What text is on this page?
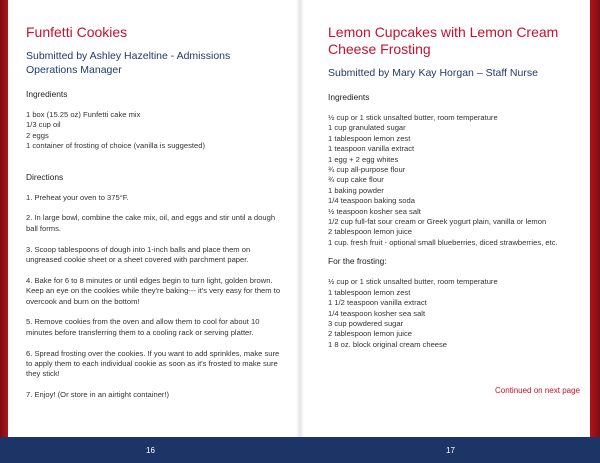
Funfetti Cookies
Submitted by Ashley Hazeltine - Admissions Operations Manager
Ingredients
1 box (15.25 oz) Funfetti cake mix
1/3 cup oil
2 eggs
1 container of frosting of choice (vanilla is suggested)
Directions
1. Preheat your oven to 375°F.
2. In large bowl, combine the cake mix, oil, and eggs and stir until a dough ball forms.
3. Scoop tablespoons of dough into 1-inch balls and place them on ungreased cookie sheet or a sheet covered with parchment paper.
4. Bake for 6 to 8 minutes or until edges begin to turn light, golden brown. Keep an eye on the cookies while they're baking--- it's very easy for them to overcook and burn on the bottom!
5. Remove cookies from the oven and allow them to cool for about 10 minutes before transferring them to a cooling rack or serving platter.
6. Spread frosting over the cookies. If you want to add sprinkles, make sure to apply them to each individual cookie as soon as it's frosted to make sure they stick!
7. Enjoy! (Or store in an airtight container!)
Lemon Cupcakes with Lemon Cream Cheese Frosting
Submitted by Mary Kay Horgan – Staff Nurse
Ingredients
½ cup or 1 stick unsalted butter, room temperature
1 cup granulated sugar
1 tablespoon lemon zest
1 teaspoon vanilla extract
1 egg + 2 egg whites
¾ cup all-purpose flour
¾ cup cake flour
1 baking powder
1/4 teaspoon baking soda
½ teaspoon kosher sea salt
1/2 cup full-fat sour cream or Greek yogurt plain, vanilla or lemon
2 tablespoon lemon juice
1 cup. fresh fruit - optional small blueberries, diced strawberries, etc.
For the frosting:
½ cup or 1 stick unsalted butter, room temperature
1 tablespoon lemon zest
1 1/2 teaspoon vanilla extract
1/4 teaspoon kosher sea salt
3 cup powdered sugar
2 tablespoon lemon juice
1 8 oz. block original cream cheese
Continued on next page
16	17
